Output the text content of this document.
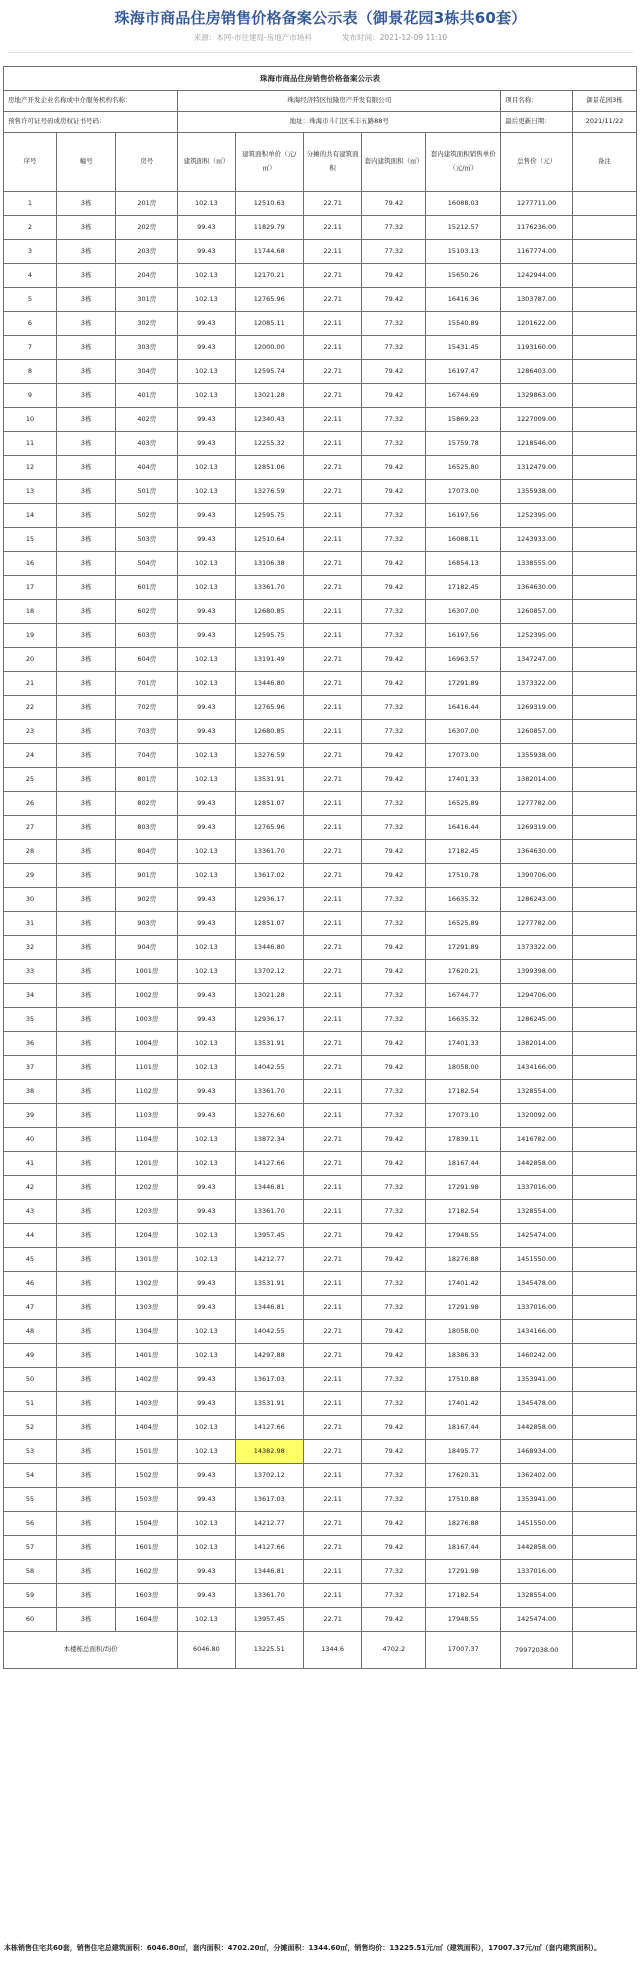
珠海市商品住房销售价格备案公示表（御景花园3栋共60套）
来源：本网-市住建局-房地产市场科	发布时间：2021-12-09 11:10
珠海市商品住房销售价格备案公示表									
房地产开发企业名称或中介服务机构名称：			珠海经济特区恒隆房产开发有限公司					项目名称：	御景花园3栋
预售许可证号码或房权证书号码：			地址：珠海市斗门区禾丰五路88号					最后更新日期：	2021/11/22
序号	幢号	房号	建筑面积（㎡）	建筑面积单价（元/㎡）	分摊的共有建筑面积	套内建筑面积（㎡）	套内建筑面积销售单价（元/㎡）	总售价（元）	备注
1	3栋	201房	102.13	12510.63	22.71	79.42	16088.03	1277711.00	
2	3栋	202房	99.43	11829.79	22.11	77.32	15212.57	1176236.00	
3	3栋	203房	99.43	11744.68	22.11	77.32	15103.13	1167774.00	
4	3栋	204房	102.13	12170.21	22.71	79.42	15650.26	1242944.00	
5	3栋	301房	102.13	12765.96	22.71	79.42	16416.36	1303787.00	
6	3栋	302房	99.43	12085.11	22.11	77.32	15540.89	1201622.00	
7	3栋	303房	99.43	12000.00	22.11	77.32	15431.45	1193160.00	
8	3栋	304房	102.13	12595.74	22.71	79.42	16197.47	1286403.00	
9	3栋	401房	102.13	13021.28	22.71	79.42	16744.69	1329863.00	
10	3栋	402房	99.43	12340.43	22.11	77.32	15869.23	1227009.00	
11	3栋	403房	99.43	12255.32	22.11	77.32	15759.78	1218546.00	
12	3栋	404房	102.13	12851.06	22.71	79.42	16525.80	1312479.00	
13	3栋	501房	102.13	13276.59	22.71	79.42	17073.00	1355938.00	
14	3栋	502房	99.43	12595.75	22.11	77.32	16197.56	1252395.00	
15	3栋	503房	99.43	12510.64	22.11	77.32	16088.11	1243933.00	
16	3栋	504房	102.13	13106.38	22.71	79.42	16854.13	1338555.00	
17	3栋	601房	102.13	13361.70	22.71	79.42	17182.45	1364630.00	
18	3栋	602房	99.43	12680.85	22.11	77.32	16307.00	1260857.00	
19	3栋	603房	99.43	12595.75	22.11	77.32	16197.56	1252395.00	
20	3栋	604房	102.13	13191.49	22.71	79.42	16963.57	1347247.00	
21	3栋	701房	102.13	13446.80	22.71	79.42	17291.89	1373322.00	
22	3栋	702房	99.43	12765.96	22.11	77.32	16416.44	1269319.00	
23	3栋	703房	99.43	12680.85	22.11	77.32	16307.00	1260857.00	
24	3栋	704房	102.13	13276.59	22.71	79.42	17073.00	1355938.00	
25	3栋	801房	102.13	13531.91	22.71	79.42	17401.33	1382014.00	
26	3栋	802房	99.43	12851.07	22.11	77.32	16525.89	1277782.00	
27	3栋	803房	99.43	12765.96	22.11	77.32	16416.44	1269319.00	
28	3栋	804房	102.13	13361.70	22.71	79.42	17182.45	1364630.00	
29	3栋	901房	102.13	13617.02	22.71	79.42	17510.78	1390706.00	
30	3栋	902房	99.43	12936.17	22.11	77.32	16635.32	1286243.00	
31	3栋	903房	99.43	12851.07	22.11	77.32	16525.89	1277782.00	
32	3栋	904房	102.13	13446.80	22.71	79.42	17291.89	1373322.00	
33	3栋	1001房	102.13	13702.12	22.71	79.42	17620.21	1399398.00	
34	3栋	1002房	99.43	13021.28	22.11	77.32	16744.77	1294706.00	
35	3栋	1003房	99.43	12936.17	22.11	77.32	16635.32	1286245.00	
36	3栋	1004房	102.13	13531.91	22.71	79.42	17401.33	1382014.00	
37	3栋	1101房	102.13	14042.55	22.71	79.42	18058.00	1434166.00	
38	3栋	1102房	99.43	13361.70	22.11	77.32	17182.54	1328554.00	
39	3栋	1103房	99.43	13276.60	22.11	77.32	17073.10	1320092.00	
40	3栋	1104房	102.13	13872.34	22.71	79.42	17839.11	1416782.00	
41	3栋	1201房	102.13	14127.66	22.71	79.42	18167.44	1442858.00	
42	3栋	1202房	99.43	13446.81	22.11	77.32	17291.98	1337016.00	
43	3栋	1203房	99.43	13361.70	22.11	77.32	17182.54	1328554.00	
44	3栋	1204房	102.13	13957.45	22.71	79.42	17948.55	1425474.00	
45	3栋	1301房	102.13	14212.77	22.71	79.42	18276.88	1451550.00	
46	3栋	1302房	99.43	13531.91	22.11	77.32	17401.42	1345478.00	
47	3栋	1303房	99.43	13446.81	22.11	77.32	17291.98	1337016.00	
48	3栋	1304房	102.13	14042.55	22.71	79.42	18058.00	1434166.00	
49	3栋	1401房	102.13	14297.88	22.71	79.42	18386.33	1460242.00	
50	3栋	1402房	99.43	13617.03	22.11	77.32	17510.88	1353941.00	
51	3栋	1403房	99.43	13531.91	22.11	77.32	17401.42	1345478.00	
52	3栋	1404房	102.13	14127.66	22.71	79.42	18167.44	1442858.00	
53	3栋	1501房	102.13	14382.98	22.71	79.42	18495.77	1468934.00	
54	3栋	1502房	99.43	13702.12	22.11	77.32	17620.31	1362402.00	
55	3栋	1503房	99.43	13617.03	22.11	77.32	17510.88	1353941.00	
56	3栋	1504房	102.13	14212.77	22.71	79.42	18276.88	1451550.00	
57	3栋	1601房	102.13	14127.66	22.71	79.42	18167.44	1442858.00	
58	3栋	1602房	99.43	13446.81	22.11	77.32	17291.98	1337016.00	
59	3栋	1603房	99.43	13361.70	22.11	77.32	17182.54	1328554.00	
60	3栋	1604房	102.13	13957.45	22.71	79.42	17948.55	1425474.00	
本楼栋总面积/均价			6046.80	13225.51	1344.6	4702.2	17007.37	79972038.00	
本栋销售住宅共60套，销售住宅总建筑面积：6046.80㎡，套内面积：4702.20㎡，分摊面积：1344.60㎡，销售均价：13225.51元/㎡（建筑面积），17007.37元/㎡（套内建筑面积）。
